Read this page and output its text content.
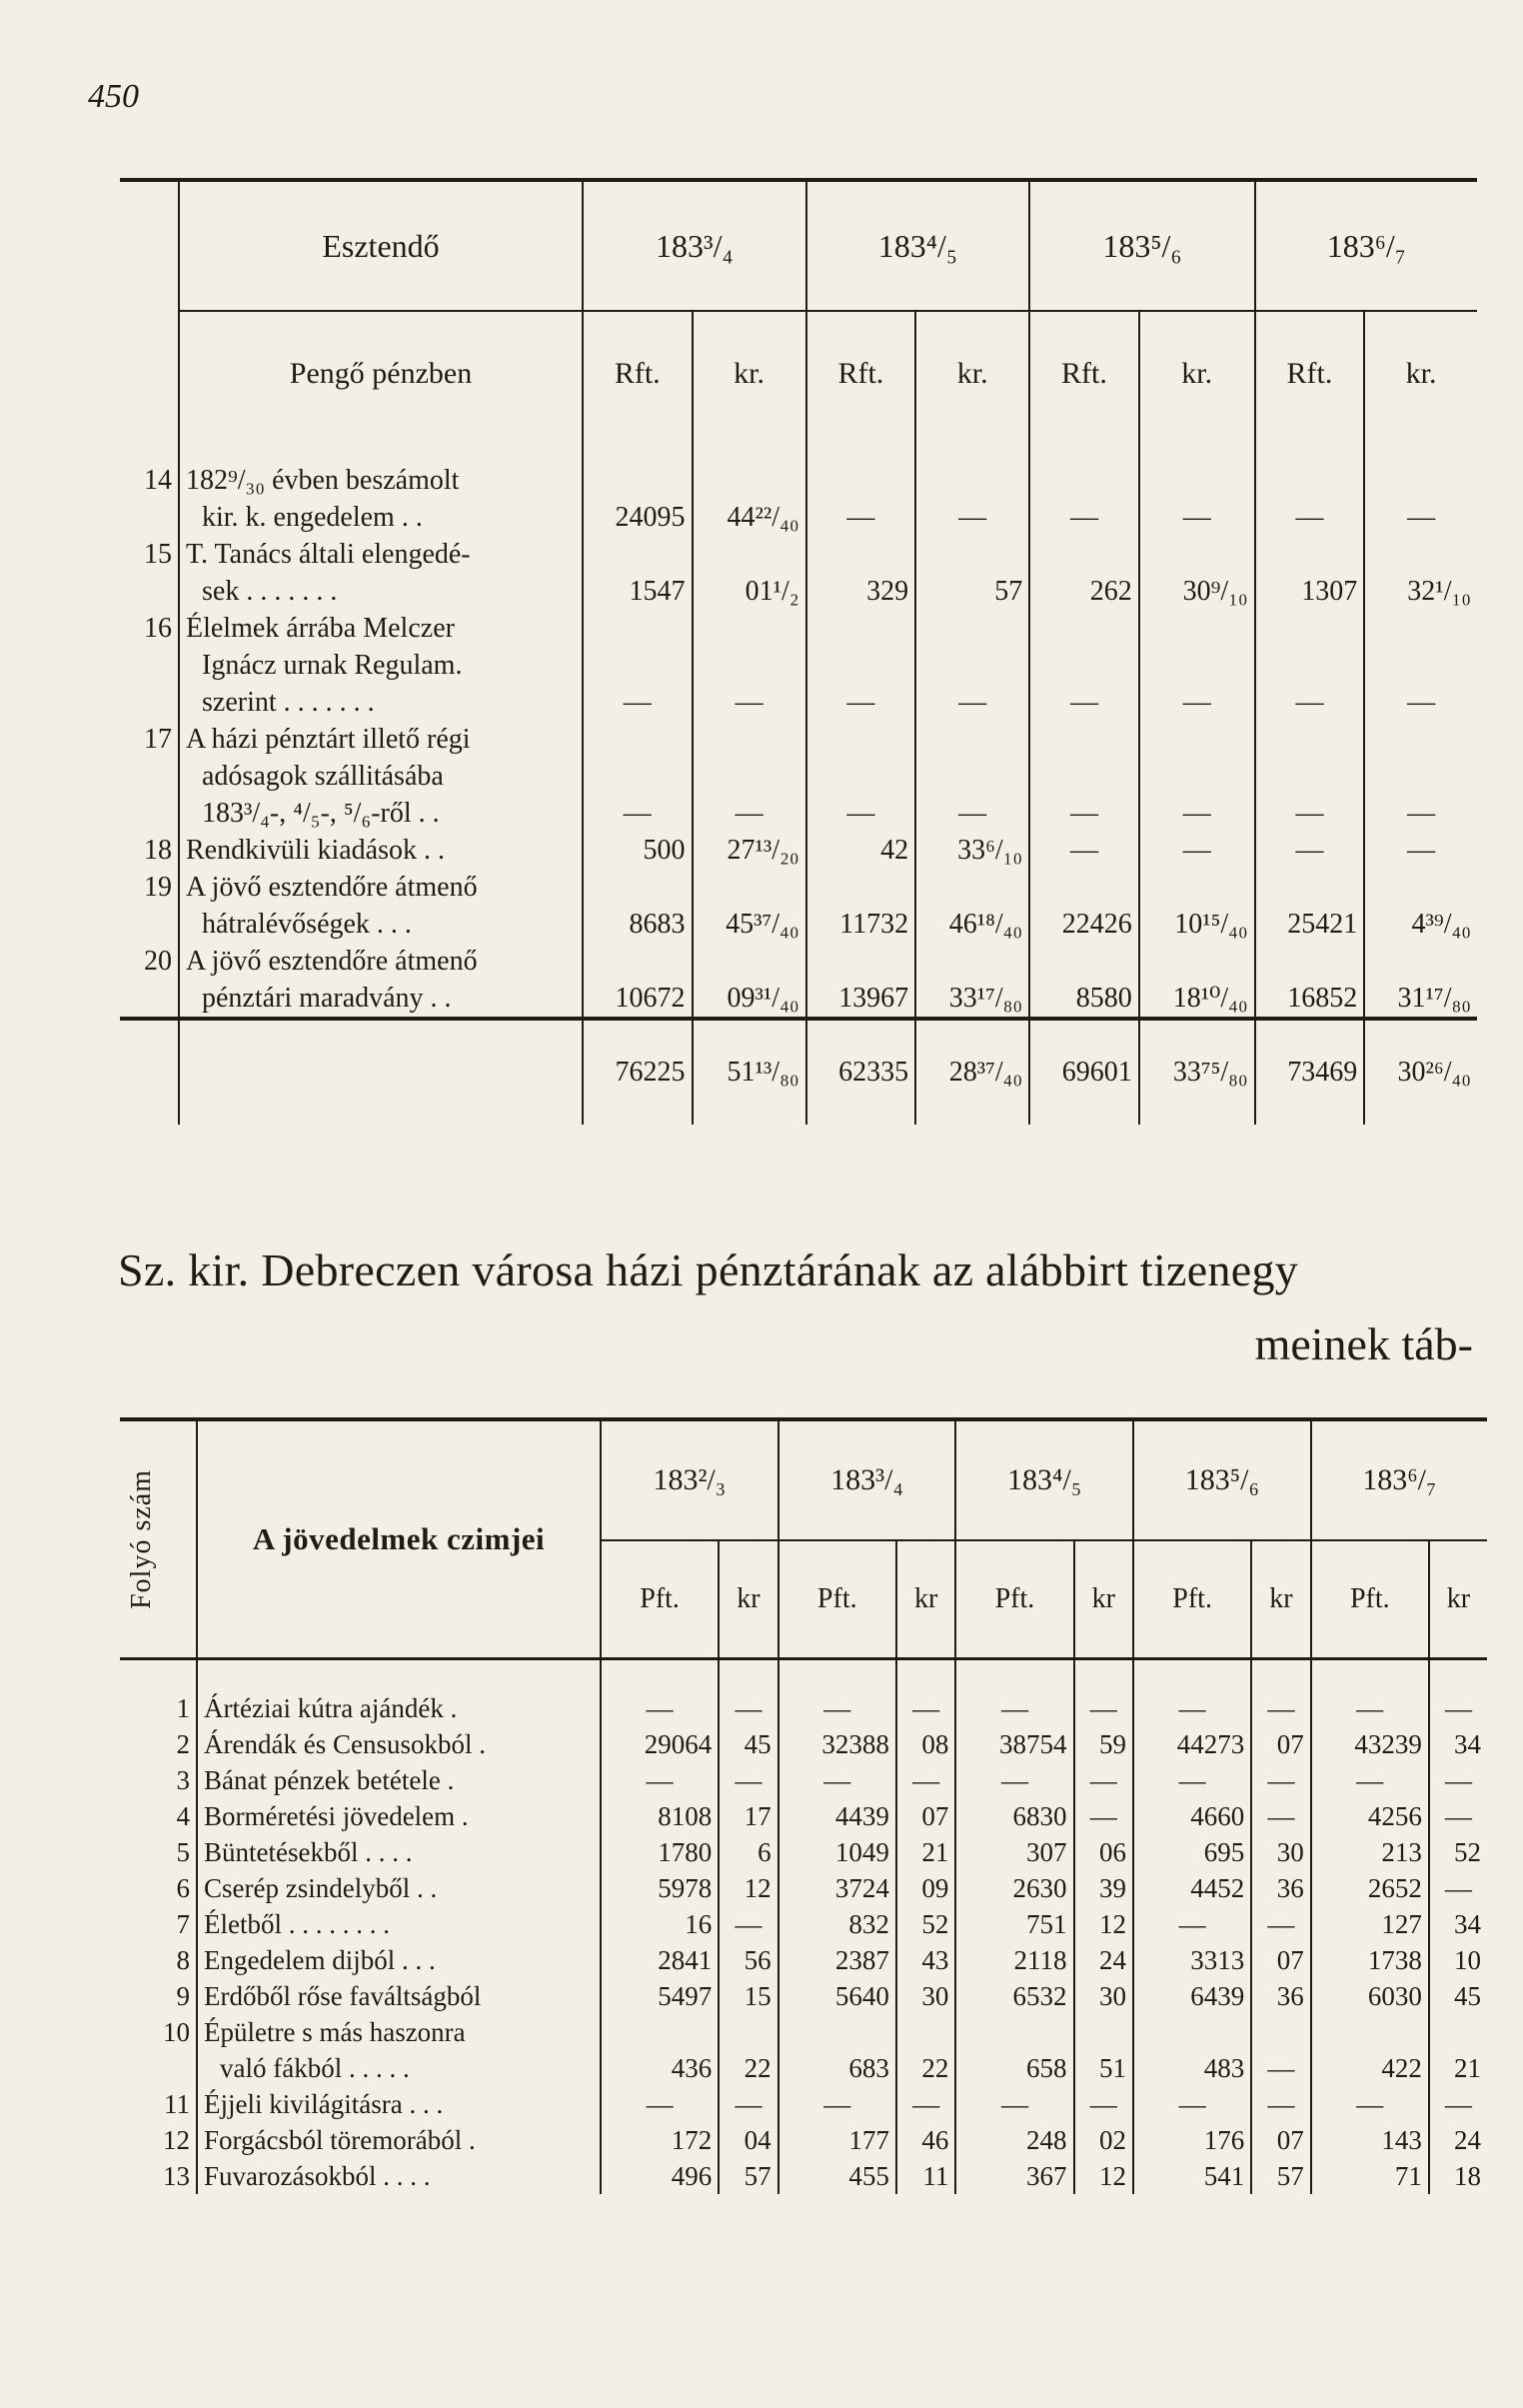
450
	Esztendő	183³/₄		183⁴/₅		183⁵/₆		183⁶/₇	
	Pengő pénzben	Rft.	kr.	Rft.	kr.	Rft.	kr.	Rft.	kr.
14	182⁹/₃₀ évben beszámolt
kir. k. engedelem . .	24095	44²²/₄₀	—	—	—	—	—	—
15	T. Tanács általi elengedé-
sek . . . . . . .	1547	01¹/₂	329	57	262	30⁹/₁₀	1307	32¹/₁₀
16	Élelmek árrába Melczer
Ignácz urnak Regulam.
szerint . . . . . . .	—	—	—	—	—	—	—	—
17	A házi pénztárt illető régi
adósagok szállitásába
183³/₄-, ⁴/₅-, ⁵/₆-ről . .	—	—	—	—	—	—	—	—
18	Rendkivüli kiadások . .	500	27¹³/₂₀	42	33⁶/₁₀	—	—	—	—
19	A jövő esztendőre átmenő
hátralévőségek . . .	8683	45³⁷/₄₀	11732	46¹⁸/₄₀	22426	10¹⁵/₄₀	25421	4³⁹/₄₀
20	A jövő esztendőre átmenő
pénztári maradvány . .	10672	09³¹/₄₀	13967	33¹⁷/₈₀	8580	18¹⁰/₄₀	16852	31¹⁷/₈₀
		76225	51¹³/₈₀	62335	28³⁷/₄₀	69601	33⁷⁵/₈₀	73469	30²⁶/₄₀
Sz. kir. Debreczen városa házi pénztárának az alábbirt tizenegy
meinek táb-
Folyó szám	A jövedelmek czimjei	183²/₃		183³/₄		183⁴/₅		183⁵/₆		183⁶/₇	
		Pft.	kr	Pft.	kr	Pft.	kr	Pft.	kr	Pft.	kr
1	Ártéziai kútra ajándék .	—	—	—	—	—	—	—	—	—	—
2	Árendák és Censusokból .	29064	45	32388	08	38754	59	44273	07	43239	34
3	Bánat pénzek betétele .	—	—	—	—	—	—	—	—	—	—
4	Borméretési jövedelem .	8108	17	4439	07	6830	—	4660	—	4256	—
5	Büntetésekből . . . .	1780	6	1049	21	307	06	695	30	213	52
6	Cserép zsindelyből . .	5978	12	3724	09	2630	39	4452	36	2652	—
7	Életből . . . . . . . .	16	—	832	52	751	12	—	—	127	34
8	Engedelem dijból . . .	2841	56	2387	43	2118	24	3313	07	1738	10
9	Erdőből rőse faváltságból	5497	15	5640	30	6532	30	6439	36	6030	45
10	Épületre s más haszonra
való fákból . . . . .	436	22	683	22	658	51	483	—	422	21
11	Éjjeli kivilágitásra . . .	—	—	—	—	—	—	—	—	—	—
12	Forgácsból töremorából .	172	04	177	46	248	02	176	07	143	24
13	Fuvarozásokból . . . .	496	57	455	11	367	12	541	57	71	18
